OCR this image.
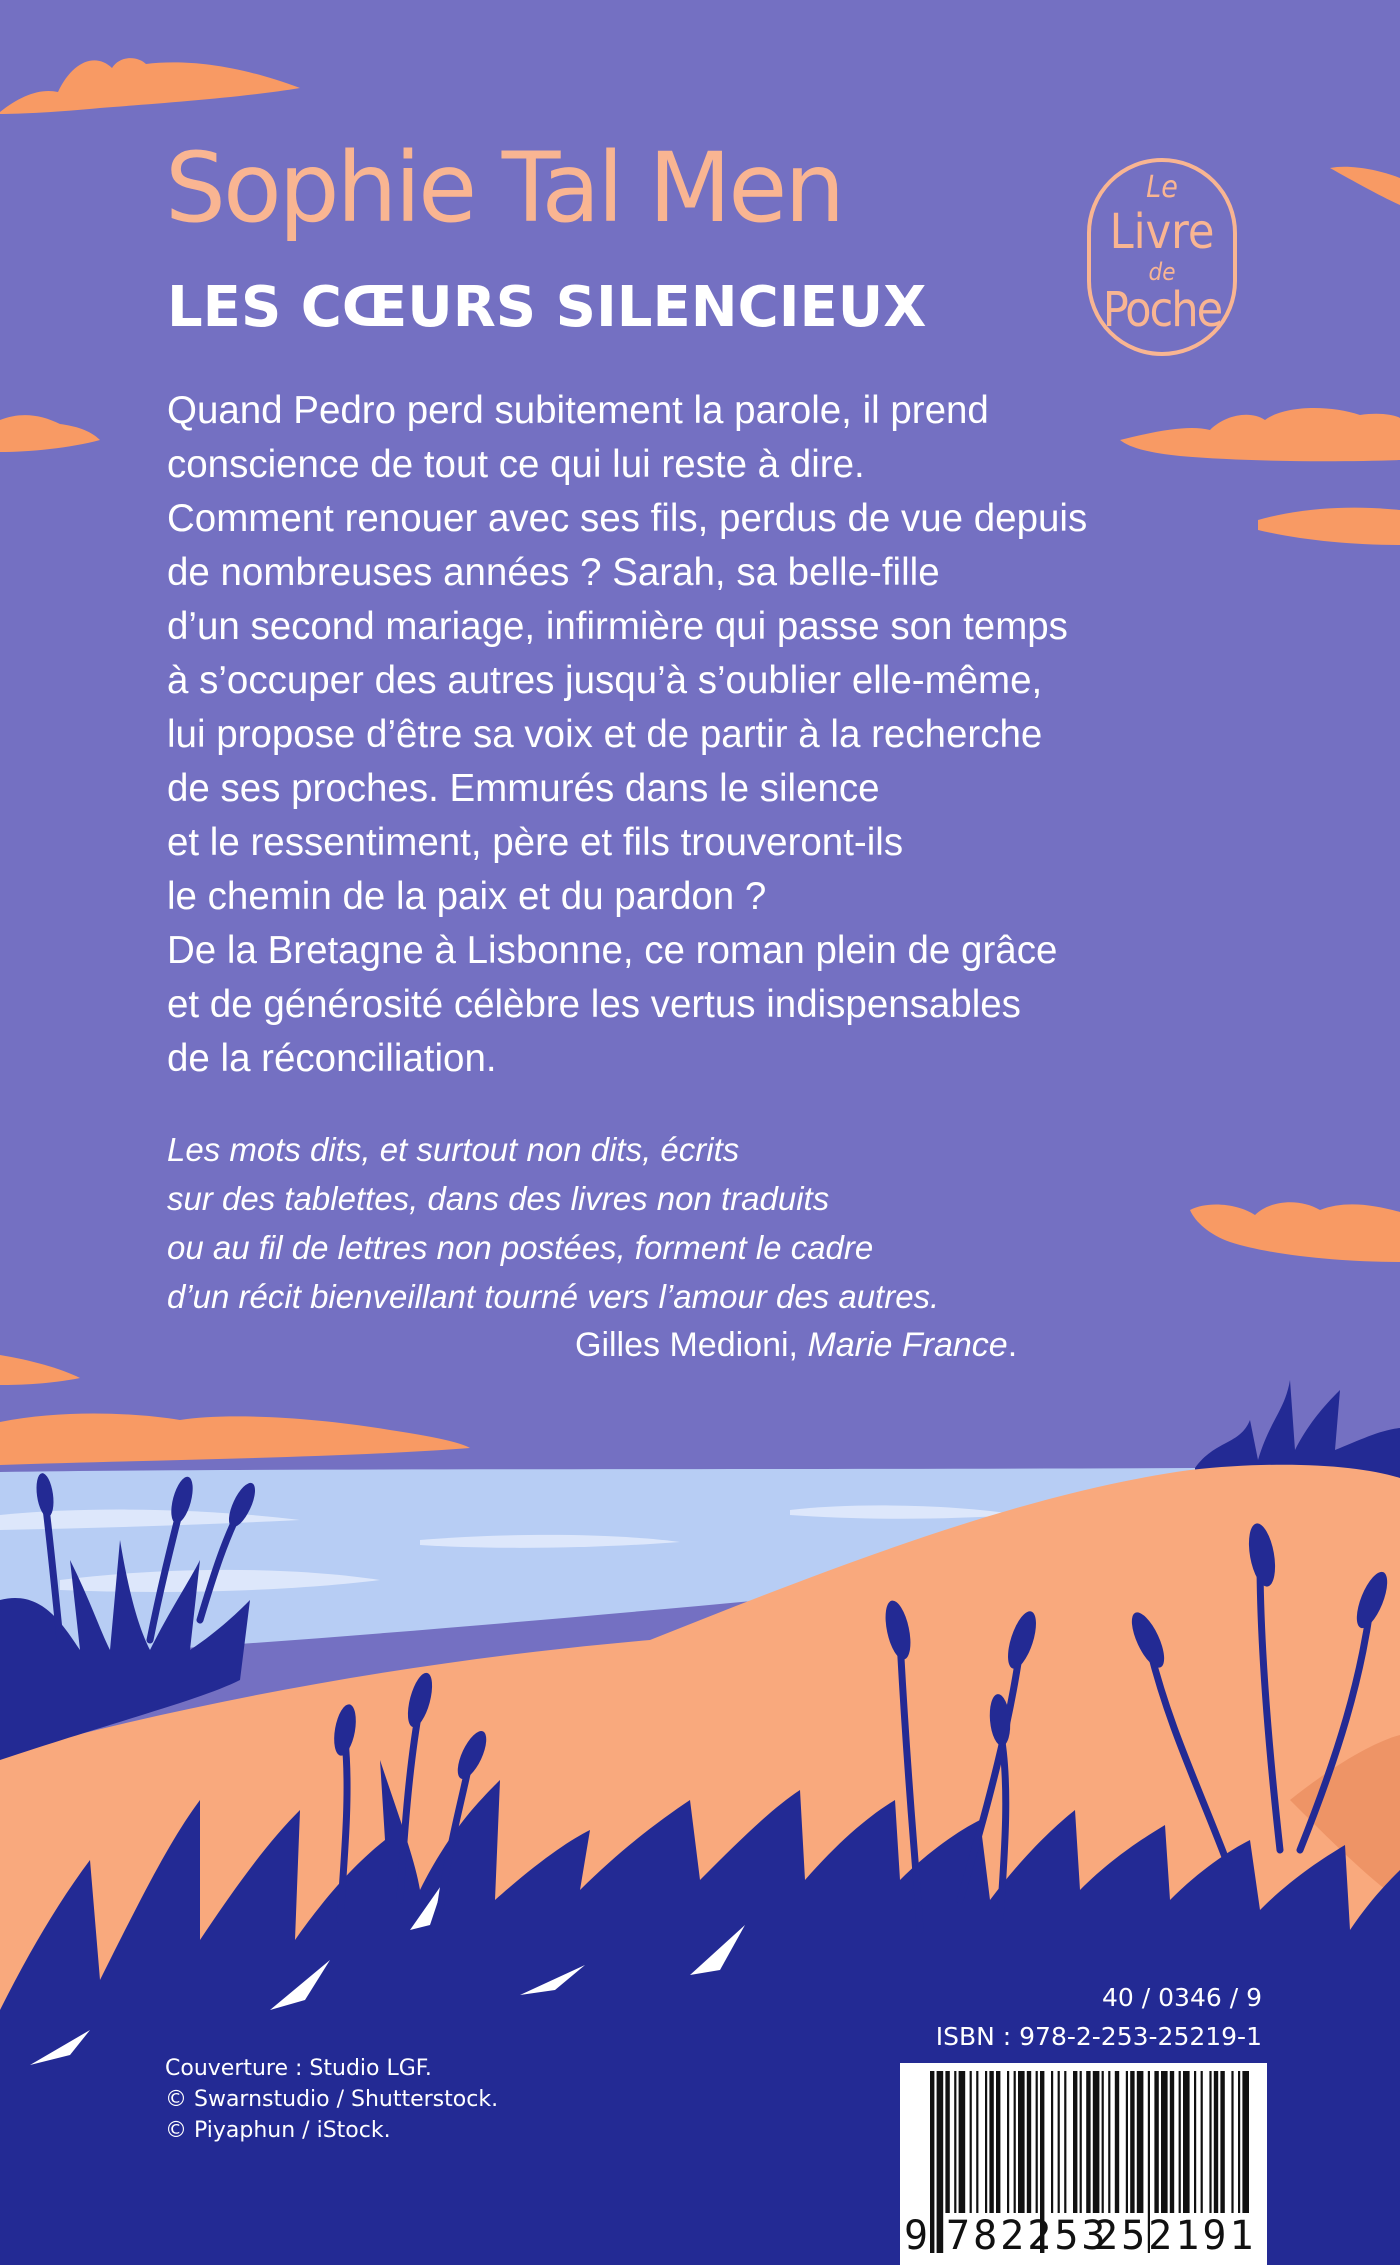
Sophie Tal Men
LES CŒURS SILENCIEUX
Le
Livre
de
Poche

Quand Pedro perd subitement la parole, il prend

conscience de tout ce qui lui reste à dire.

Comment renouer avec ses fils, perdus de vue depuis

de nombreuses années ? Sarah, sa belle-fille

d’un second mariage, infirmière qui passe son temps

à s’occuper des autres jusqu’à s’oublier elle-même,

lui propose d’être sa voix et de partir à la recherche

de ses proches. Emmurés dans le silence

et le ressentiment, père et fils trouveront-ils

le chemin de la paix et du pardon ?

De la Bretagne à Lisbonne, ce roman plein de grâce

et de générosité célèbre les vertus indispensables

de la réconciliation.

Les mots dits, et surtout non dits, écrits

sur des tablettes, dans des livres non traduits

ou au fil de lettres non postées, forment le cadre

d’un récit bienveillant tourné vers l’amour des autres.

Gilles Medioni, Marie France.
Couverture : Studio LGF.
© Swarnstudio / Shutterstock.
© Piyaphun / iStock.
40 / 0346 / 9
ISBN : 978-2-253-25219-1
9 782253
252191
